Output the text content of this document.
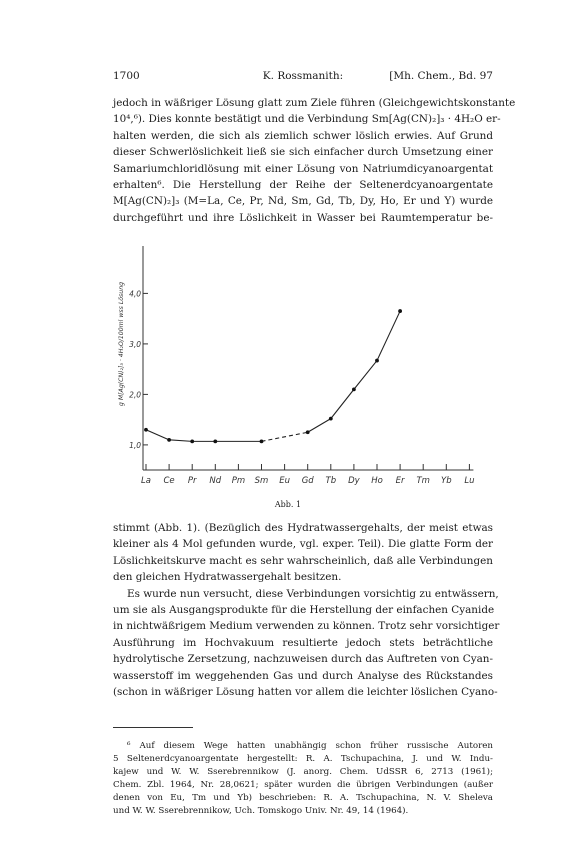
1700	K. Rossmanith:	[Mh. Chem., Bd. 97
jedoch in wäßriger Lösung glatt zum Ziele führen (Gleichgewichtskonstante
10⁴,⁶). Dies konnte bestätigt und die Verbindung Sm[Ag(CN)₂]₃ · 4H₂O er-
halten werden, die sich als ziemlich schwer löslich erwies. Auf Grund
dieser Schwerlöslichkeit ließ sie sich einfacher durch Umsetzung einer
Samariumchloridlösung mit einer Lösung von Natriumdicyanoargentat
erhalten⁶. Die Herstellung der Reihe der Seltenerdcyanoargentate
M[Ag(CN)₂]₃ (M=La, Ce, Pr, Nd, Sm, Gd, Tb, Dy, Ho, Er und Y) wurde
durchgeführt und ihre Löslichkeit in Wasser bei Raumtemperatur be-
La Ce Pr Nd Pm Sm Eu Gd Tb Dy Ho Er Tm Yb Lu
1,0
2,0
3,0
4,0
g M[Ag(CN)₂]₃ · 4H₂O/100ml wss Lösung
Abb. 1
stimmt (Abb. 1). (Bezüglich des Hydratwassergehalts, der meist etwas
kleiner als 4 Mol gefunden wurde, vgl. exper. Teil). Die glatte Form der
Löslichkeitskurve macht es sehr wahrscheinlich, daß alle Verbindungen
den gleichen Hydratwassergehalt besitzen.
Es wurde nun versucht, diese Verbindungen vorsichtig zu entwässern,
um sie als Ausgangsprodukte für die Herstellung der einfachen Cyanide
in nichtwäßrigem Medium verwenden zu können. Trotz sehr vorsichtiger
Ausführung im Hochvakuum resultierte jedoch stets beträchtliche
hydrolytische Zersetzung, nachzuweisen durch das Auftreten von Cyan-
wasserstoff im weggehenden Gas und durch Analyse des Rückstandes
(schon in wäßriger Lösung hatten vor allem die leichter löslichen Cyano-
⁶ Auf diesem Wege hatten unabhängig schon früher russische Autoren
5 Seltenerdcyanoargentate hergestellt: R. A. Tschupachina, J. und W. Indu-
kajew und W. W. Sserebrennikow (J. anorg. Chem. UdSSR 6, 2713 (1961);
Chem. Zbl. 1964, Nr. 28,0621; später wurden die übrigen Verbindungen (außer
denen von Eu, Tm und Yb) beschrieben: R. A. Tschupachina, N. V. Sheleva
und W. W. Sserebrennikow, Uch. Tomskogo Univ. Nr. 49, 14 (1964).
